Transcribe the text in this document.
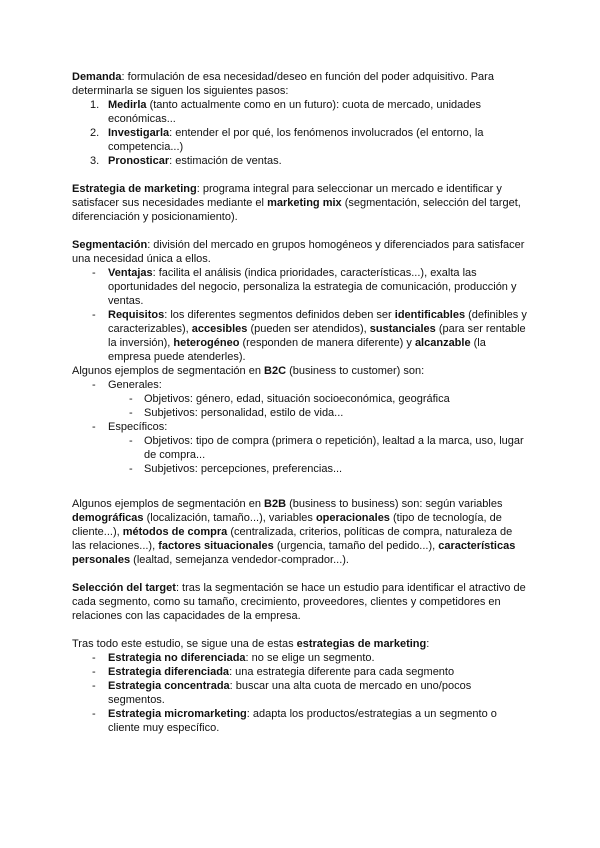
Demanda: formulación de esa necesidad/deseo en función del poder adquisitivo. Para determinarla se siguen los siguientes pasos:

1. Medirla (tanto actualmente como en un futuro): cuota de mercado, unidades económicas...
2. Investigarla: entender el por qué, los fenómenos involucrados (el entorno, la competencia...)
3. Pronosticar: estimación de ventas.

Estrategia de marketing: programa integral para seleccionar un mercado e identificar y satisfacer sus necesidades mediante el marketing mix (segmentación, selección del target, diferenciación y posicionamiento).

Segmentación: división del mercado en grupos homogéneos y diferenciados para satisfacer una necesidad única a ellos.

- Ventajas: facilita el análisis (indica prioridades, características...), exalta las oportunidades del negocio, personaliza la estrategia de comunicación, producción y ventas.
- Requisitos: los diferentes segmentos definidos deben ser identificables (definibles y caracterizables), accesibles (pueden ser atendidos), sustanciales (para ser rentable la inversión), heterogéneo (responden de manera diferente) y alcanzable (la empresa puede atenderles).

Algunos ejemplos de segmentación en B2C (business to customer) son:

- Generales:
- Objetivos: género, edad, situación socioeconómica, geográfica
- Subjetivos: personalidad, estilo de vida...
- Específicos:
- Objetivos: tipo de compra (primera o repetición), lealtad a la marca, uso, lugar de compra...
- Subjetivos: percepciones, preferencias...

Algunos ejemplos de segmentación en B2B (business to business) son: según variables demográficas (localización, tamaño...), variables operacionales (tipo de tecnología, de cliente...), métodos de compra (centralizada, criterios, políticas de compra, naturaleza de las relaciones...), factores situacionales (urgencia, tamaño del pedido...), características personales (lealtad, semejanza vendedor-comprador...).

Selección del target: tras la segmentación se hace un estudio para identificar el atractivo de cada segmento, como su tamaño, crecimiento, proveedores, clientes y competidores en relaciones con las capacidades de la empresa.

Tras todo este estudio, se sigue una de estas estrategias de marketing:

- Estrategia no diferenciada: no se elige un segmento.
- Estrategia diferenciada: una estrategia diferente para cada segmento
- Estrategia concentrada: buscar una alta cuota de mercado en uno/pocos segmentos.
- Estrategia micromarketing: adapta los productos/estrategias a un segmento o cliente muy específico.
